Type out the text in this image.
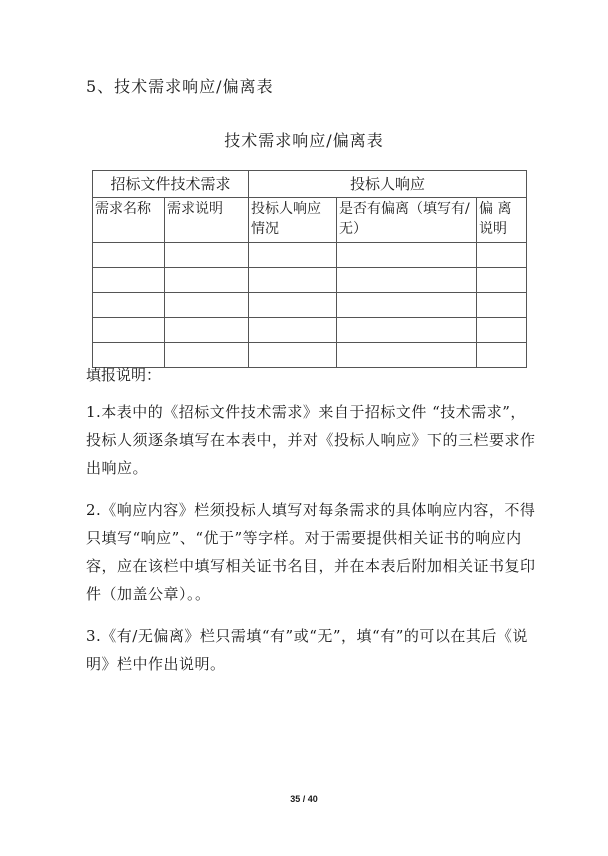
5、技术需求响应/偏离表
技术需求响应/偏离表
招标文件技术需求		投标人响应		
需求名称	需求说明	投标人响应情况	是否有偏离（填写有/无）	偏 离说明

填报说明：
1.本表中的《招标文件技术需求》来自于招标文件 “技术需求”，投标人须逐条填写在本表中，并对《投标人响应》下的三栏要求作出响应。
2.《响应内容》栏须投标人填写对每条需求的具体响应内容，不得只填写“响应”、“优于”等字样。对于需要提供相关证书的响应内容，应在该栏中填写相关证书名目，并在本表后附加相关证书复印件（加盖公章）。。
3.《有/无偏离》栏只需填“有”或“无”，填“有”的可以在其后《说明》栏中作出说明。
35 / 40
